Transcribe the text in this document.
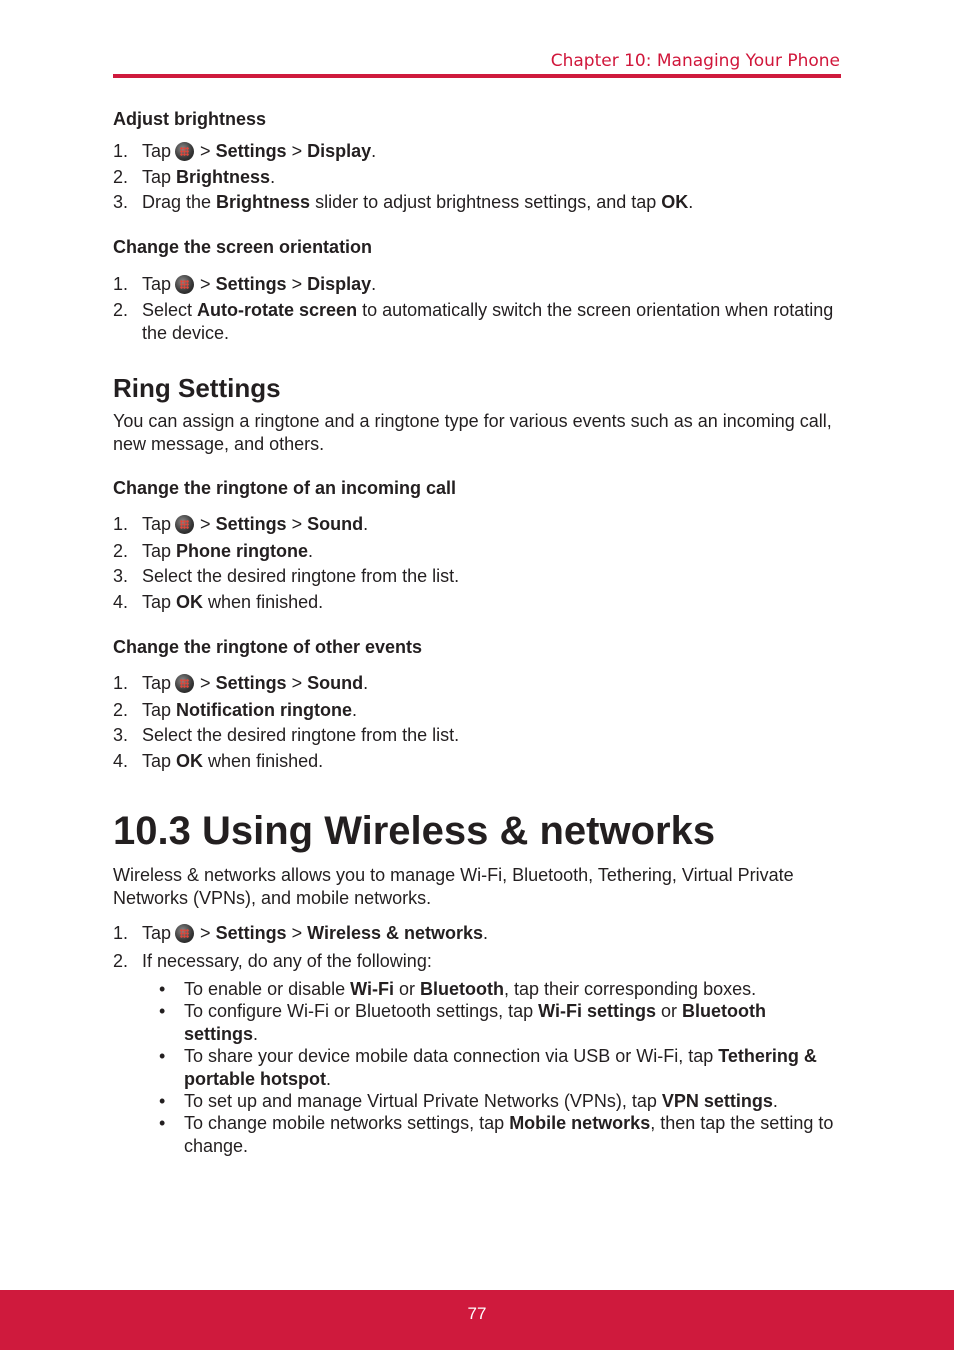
Chapter 10: Managing Your Phone
Adjust brightness
1. Tap > Settings > Display.
2. Tap Brightness.
3. Drag the Brightness slider to adjust brightness settings, and tap OK.
Change the screen orientation
1. Tap > Settings > Display.
2. Select Auto-rotate screen to automatically switch the screen orientation when rotating the device.
Ring Settings
You can assign a ringtone and a ringtone type for various events such as an incoming call, new message, and others.
Change the ringtone of an incoming call
1. Tap > Settings > Sound.
2. Tap Phone ringtone.
3. Select the desired ringtone from the list.
4. Tap OK when finished.
Change the ringtone of other events
1. Tap > Settings > Sound.
2. Tap Notification ringtone.
3. Select the desired ringtone from the list.
4. Tap OK when finished.
10.3 Using Wireless & networks
Wireless & networks allows you to manage Wi-Fi, Bluetooth, Tethering, Virtual Private Networks (VPNs), and mobile networks.
1. Tap > Settings > Wireless & networks.
2. If necessary, do any of the following:
• To enable or disable Wi-Fi or Bluetooth, tap their corresponding boxes.
• To configure Wi-Fi or Bluetooth settings, tap Wi-Fi settings or Bluetooth settings.
• To share your device mobile data connection via USB or Wi-Fi, tap Tethering & portable hotspot.
• To set up and manage Virtual Private Networks (VPNs), tap VPN settings.
• To change mobile networks settings, tap Mobile networks, then tap the setting to change.
77
